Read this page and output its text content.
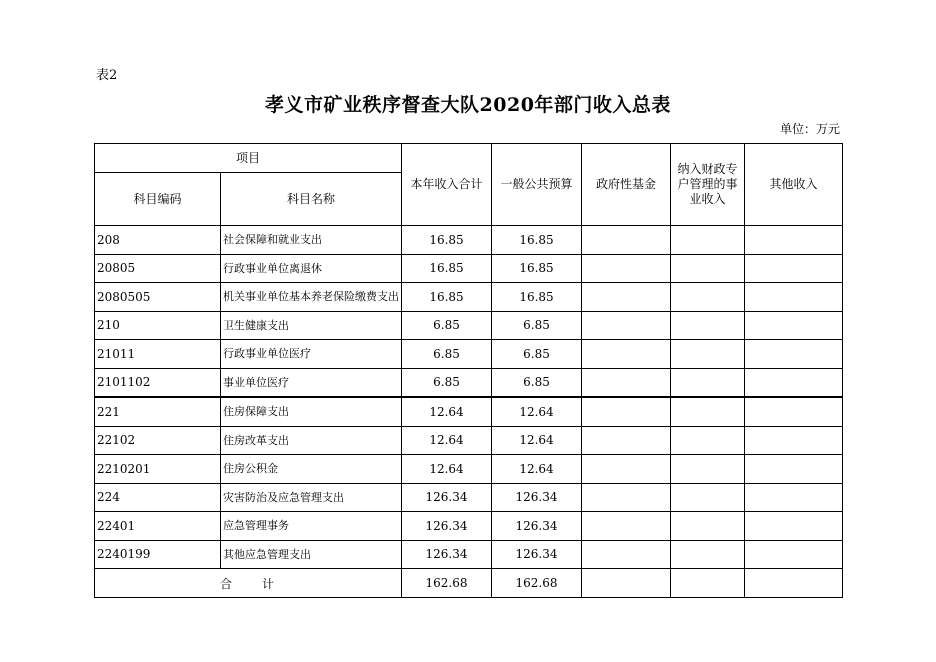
表2
孝义市矿业秩序督查大队2020年部门收入总表
单位：万元
项目		本年收入合计	一般公共预算	政府性基金	纳入财政专户管理的事业收入	其他收入
科目编码	科目名称					
208	社会保障和就业支出	16.85	16.85			
20805	行政事业单位离退休	16.85	16.85			
2080505	机关事业单位基本养老保险缴费支出	16.85	16.85			
210	卫生健康支出	6.85	6.85			
21011	行政事业单位医疗	6.85	6.85			
2101102	事业单位医疗	6.85	6.85			
221	住房保障支出	12.64	12.64			
22102	住房改革支出	12.64	12.64			
2210201	住房公积金	12.64	12.64			
224	灾害防治及应急管理支出	126.34	126.34			
22401	应急管理事务	126.34	126.34			
2240199	其他应急管理支出	126.34	126.34			
合　　计		162.68	162.68			
